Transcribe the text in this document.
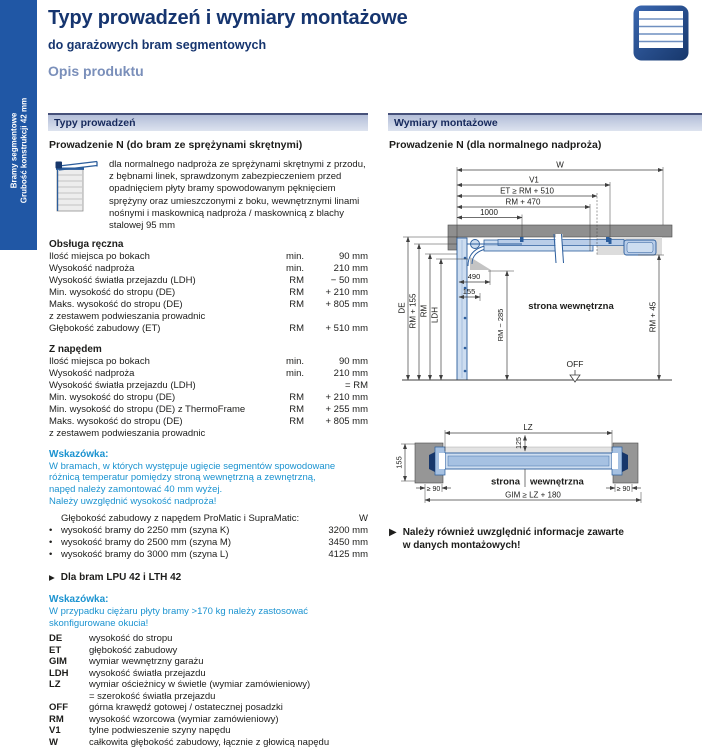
Bramy segmentowe Grubość konstrukcji 42 mm
Typy prowadzeń i wymiary montażowe
do garażowych bram segmentowych
Opis produktu
Typy prowadzeń
Prowadzenie N (do bram ze sprężynami skrętnymi)
dla normalnego nadproża ze sprężynami skrętnymi z przodu, z bębnami linek, sprawdzonym zabezpieczeniem przed opadnięciem płyty bramy spowodowanym pęknięciem sprężyny oraz umieszczonymi z boku, wewnętrznymi linami nośnymi i maskownicą nadproża / maskownicą z blachy stalowej 95 mm
Obsługa ręczna
Ilość miejsca po bokach	min.	90 mm
Wysokość nadproża	min.	210 mm
Wysokość światła przejazdu (LDH)	RM	− 50 mm
Min. wysokość do stropu (DE)	RM	+ 210 mm
Maks. wysokość do stropu (DE)	RM	+ 805 mm
z zestawem podwieszania prowadnic
Głębokość zabudowy (ET)	RM	+ 510 mm
Z napędem
Ilość miejsca po bokach	min.	90 mm
Wysokość nadproża	min.	210 mm
Wysokość światła przejazdu (LDH)	= RM
Min. wysokość do stropu (DE)	RM	+ 210 mm
Min. wysokość do stropu (DE) z ThermoFrame	RM	+ 255 mm
Maks. wysokość do stropu (DE)	RM	+ 805 mm
z zestawem podwieszania prowadnic
Wskazówka:
W bramach, w których występuje ugięcie segmentów spowodowane
różnicą temperatur pomiędzy stroną wewnętrzną a zewnętrzną,
napęd należy zamontować 40 mm wyżej.
Należy uwzględnić wysokość nadproża!
Głębokość zabudowy z napędem ProMatic i SupraMatic:	W
• wysokość bramy do 2250 mm (szyna K)	3200 mm
• wysokość bramy do 2500 mm (szyna M)	3450 mm
• wysokość bramy do 3000 mm (szyna L)	4125 mm
▶ Dla bram LPU 42 i LTH 42
Wskazówka:
W przypadku ciężaru płyty bramy >170 kg należy zastosować
skonfigurowane okucia!
DE	wysokość do stropu
ET	głębokość zabudowy
GIM	wymiar wewnętrzny garażu
LDH	wysokość światła przejazdu
LZ	wymiar ościeżnicy w świetle (wymiar zamówieniowy)
= szerokość światła przejazdu
OFF	górna krawędź gotowej / ostatecznej posadzki
RM	wysokość wzorcowa (wymiar zamówieniowy)
V1	tylne podwieszenie szyny napędu
W	całkowita głębokość zabudowy, łącznie z głowicą napędu
Wymiary montażowe
Prowadzenie N (dla normalnego nadproża)
W
V1
ET ≥ RM + 510
RM + 470
1000
DE RM + 155 RM LDH
490
155
RM − 285	RM + 45
strona wewnętrzna
OFF
LZ
125
155
≥ 90	≥ 90
strona wewnętrzna
GIM ≥ LZ + 180
▶ Należy również uwzględnić informacje zawarte
w danych montażowych!
